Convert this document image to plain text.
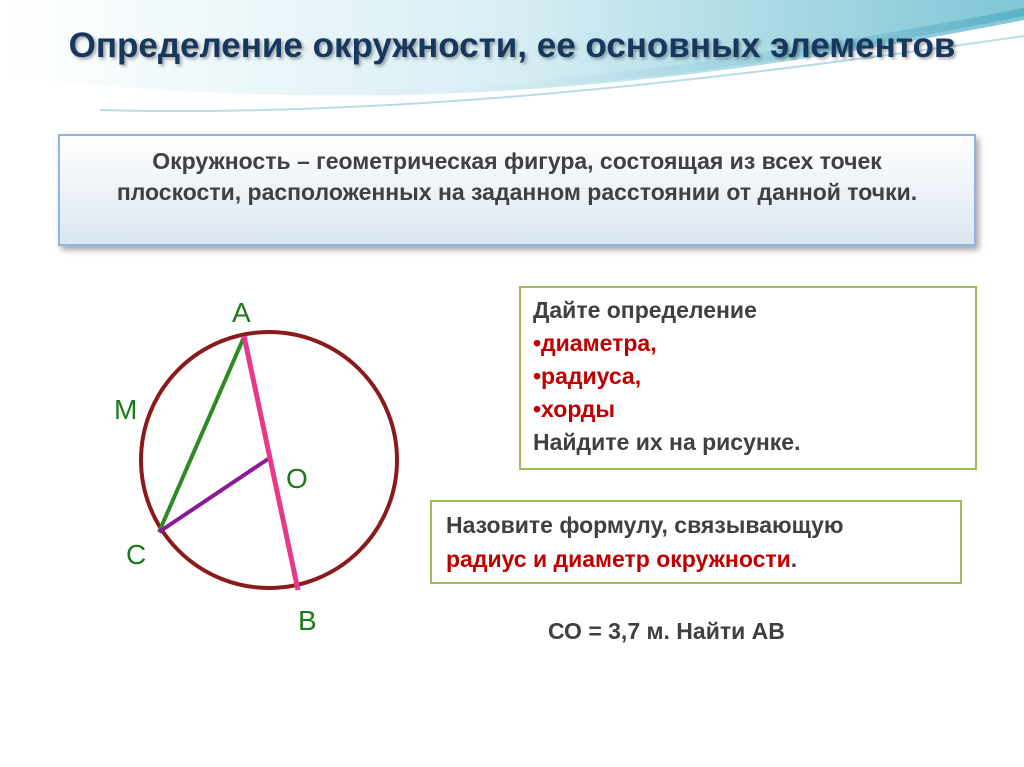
Определение окружности, ее основных элементов
Окружность – геометрическая фигура, состоящая из всех точек плоскости, расположенных на заданном расстоянии от данной точки.
A
M
O
C
B
Дайте определение
•диаметра,
•радиуса,
•хорды
Найдите их на рисунке.
Назовите формулу, связывающую
радиус и диаметр окружности.
СО = 3,7 м. Найти АВ
